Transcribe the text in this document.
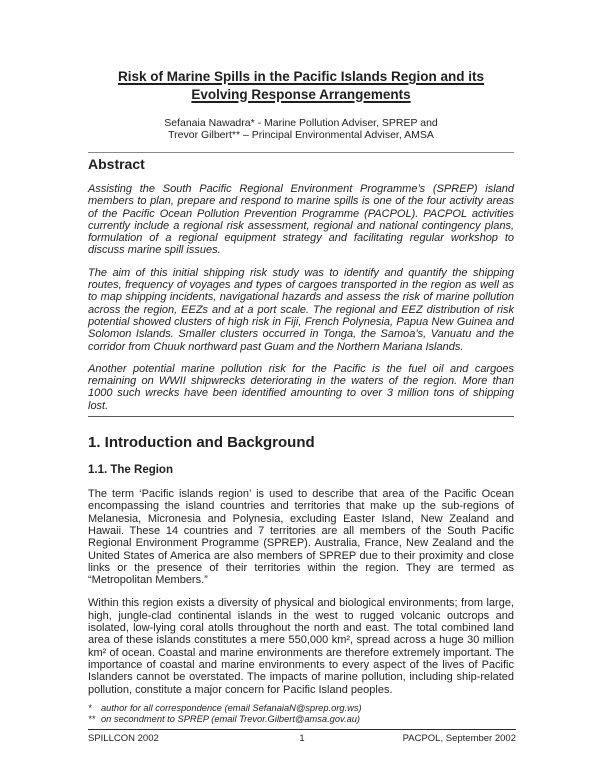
Risk of Marine Spills in the Pacific Islands Region and its
Evolving Response Arrangements
Sefanaia Nawadra* - Marine Pollution Adviser, SPREP and
Trevor Gilbert** – Principal Environmental Adviser, AMSA
Abstract

Assisting the South Pacific Regional Environment Programme’s (SPREP) island members to plan, prepare and respond to marine spills is one of the four activity areas of the Pacific Ocean Pollution Prevention Programme (PACPOL). PACPOL activities currently include a regional risk assessment, regional and national contingency plans, formulation of a regional equipment strategy and facilitating regular workshop to discuss marine spill issues.

The aim of this initial shipping risk study was to identify and quantify the shipping routes, frequency of voyages and types of cargoes transported in the region as well as to map shipping incidents, navigational hazards and assess the risk of marine pollution across the region, EEZs and at a port scale. The regional and EEZ distribution of risk potential showed clusters of high risk in Fiji, French Polynesia, Papua New Guinea and Solomon Islands. Smaller clusters occurred in Tonga, the Samoa’s, Vanuatu and the corridor from Chuuk northward past Guam and the Northern Mariana Islands.

Another potential marine pollution risk for the Pacific is the fuel oil and cargoes remaining on WWII shipwrecks deteriorating in the waters of the region. More than 1000 such wrecks have been identified amounting to over 3 million tons of shipping lost.

1. Introduction and Background
1.1. The Region

The term ‘Pacific islands region’ is used to describe that area of the Pacific Ocean encompassing the island countries and territories that make up the sub-regions of Melanesia, Micronesia and Polynesia, excluding Easter Island, New Zealand and Hawaii. These 14 countries and 7 territories are all members of the South Pacific Regional Environment Programme (SPREP). Australia, France, New Zealand and the United States of America are also members of SPREP due to their proximity and close links or the presence of their territories within the region. They are termed as “Metropolitan Members.”

Within this region exists a diversity of physical and biological environments; from large, high, jungle-clad continental islands in the west to rugged volcanic outcrops and isolated, low-lying coral atolls throughout the north and east. The total combined land area of these islands constitutes a mere 550,000 km², spread across a huge 30 million km² of ocean. Coastal and marine environments are therefore extremely important. The importance of coastal and marine environments to every aspect of the lives of Pacific Islanders cannot be overstated. The impacts of marine pollution, including ship-related pollution, constitute a major concern for Pacific Island peoples.

*	author for all correspondence (email SefanaiaN@sprep.org.ws)
** on secondment to SPREP (email Trevor.Gilbert@amsa.gov.au)
SPILLCON 2002	1	PACPOL, September 2002
